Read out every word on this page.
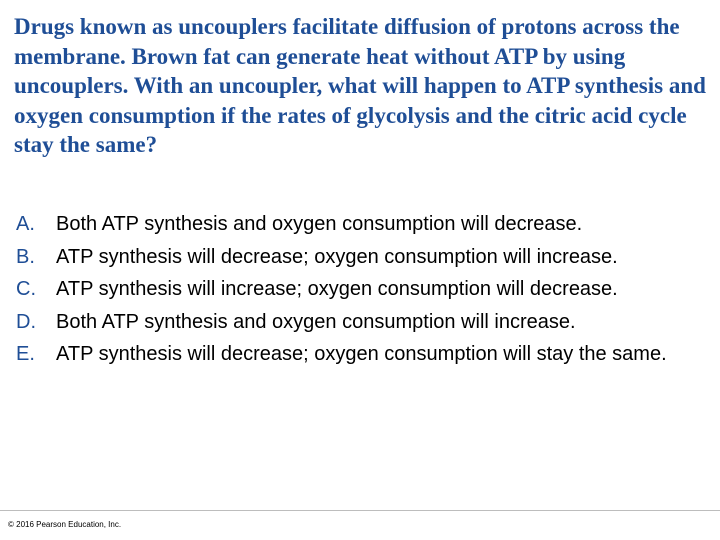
Drugs known as uncouplers facilitate diffusion of protons across the membrane. Brown fat can generate heat without ATP by using uncouplers. With an uncoupler, what will happen to ATP synthesis and oxygen consumption if the rates of glycolysis and the citric acid cycle stay the same?

A.	Both ATP synthesis and oxygen consumption will decrease.
B.	ATP synthesis will decrease; oxygen consumption will increase.
C.	ATP synthesis will increase; oxygen consumption will decrease.
D.	Both ATP synthesis and oxygen consumption will increase.
E.	ATP synthesis will decrease; oxygen consumption will stay the same.
© 2016 Pearson Education, Inc.
